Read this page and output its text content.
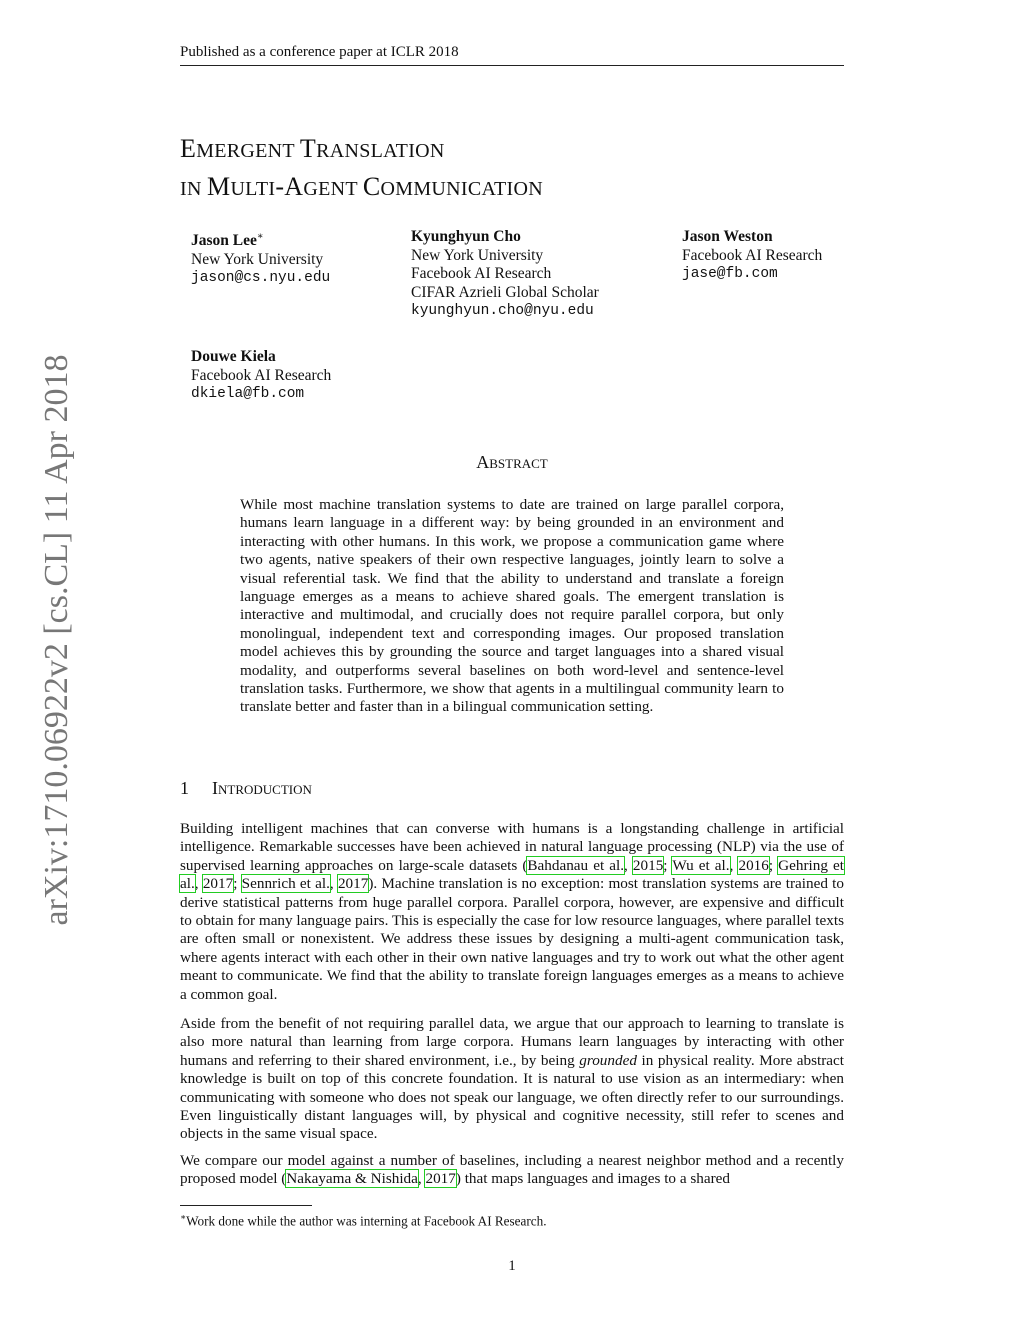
Published as a conference paper at ICLR 2018
EMERGENT TRANSLATION
IN MULTI-AGENT COMMUNICATION
Jason Lee∗
New York University
jason@cs.nyu.edu
Kyunghyun Cho
New York University
Facebook AI Research
CIFAR Azrieli Global Scholar
kyunghyun.cho@nyu.edu
Jason Weston
Facebook AI Research
jase@fb.com
Douwe Kiela
Facebook AI Research
dkiela@fb.com
arXiv:1710.06922v2 [cs.CL] 11 Apr 2018	Abstract
While most machine translation systems to date are trained on large parallel corpora, humans learn language in a different way: by being grounded in an environment and interacting with other humans. In this work, we propose a communication game where two agents, native speakers of their own respective languages, jointly learn to solve a visual referential task. We find that the ability to understand and translate a foreign language emerges as a means to achieve shared goals. The emergent translation is interactive and multimodal, and crucially does not require parallel corpora, but only monolingual, independent text and corresponding images. Our proposed translation model achieves this by grounding the source and target languages into a shared visual modality, and outperforms several baselines on both word-level and sentence-level translation tasks. Furthermore, we show that agents in a multilingual community learn to translate better and faster than in a bilingual communication setting.
1 Introduction
Building intelligent machines that can converse with humans is a longstanding challenge in artificial intelligence. Remarkable successes have been achieved in natural language processing (NLP) via the use of supervised learning approaches on large-scale datasets (Bahdanau et al., 2015; Wu et al., 2016; Gehring et al., 2017; Sennrich et al., 2017). Machine translation is no exception: most translation systems are trained to derive statistical patterns from huge parallel corpora. Parallel corpora, however, are expensive and difficult to obtain for many language pairs. This is especially the case for low resource languages, where parallel texts are often small or nonexistent. We address these issues by designing a multi-agent communication task, where agents interact with each other in their own native languages and try to work out what the other agent meant to communicate. We find that the ability to translate foreign languages emerges as a means to achieve a common goal.
Aside from the benefit of not requiring parallel data, we argue that our approach to learning to translate is also more natural than learning from large corpora. Humans learn languages by interacting with other humans and referring to their shared environment, i.e., by being grounded in physical reality. More abstract knowledge is built on top of this concrete foundation. It is natural to use vision as an intermediary: when communicating with someone who does not speak our language, we often directly refer to our surroundings. Even linguistically distant languages will, by physical and cognitive necessity, still refer to scenes and objects in the same visual space.
We compare our model against a number of baselines, including a nearest neighbor method and a recently proposed model (Nakayama & Nishida, 2017) that maps languages and images to a shared
∗Work done while the author was interning at Facebook AI Research.
1
